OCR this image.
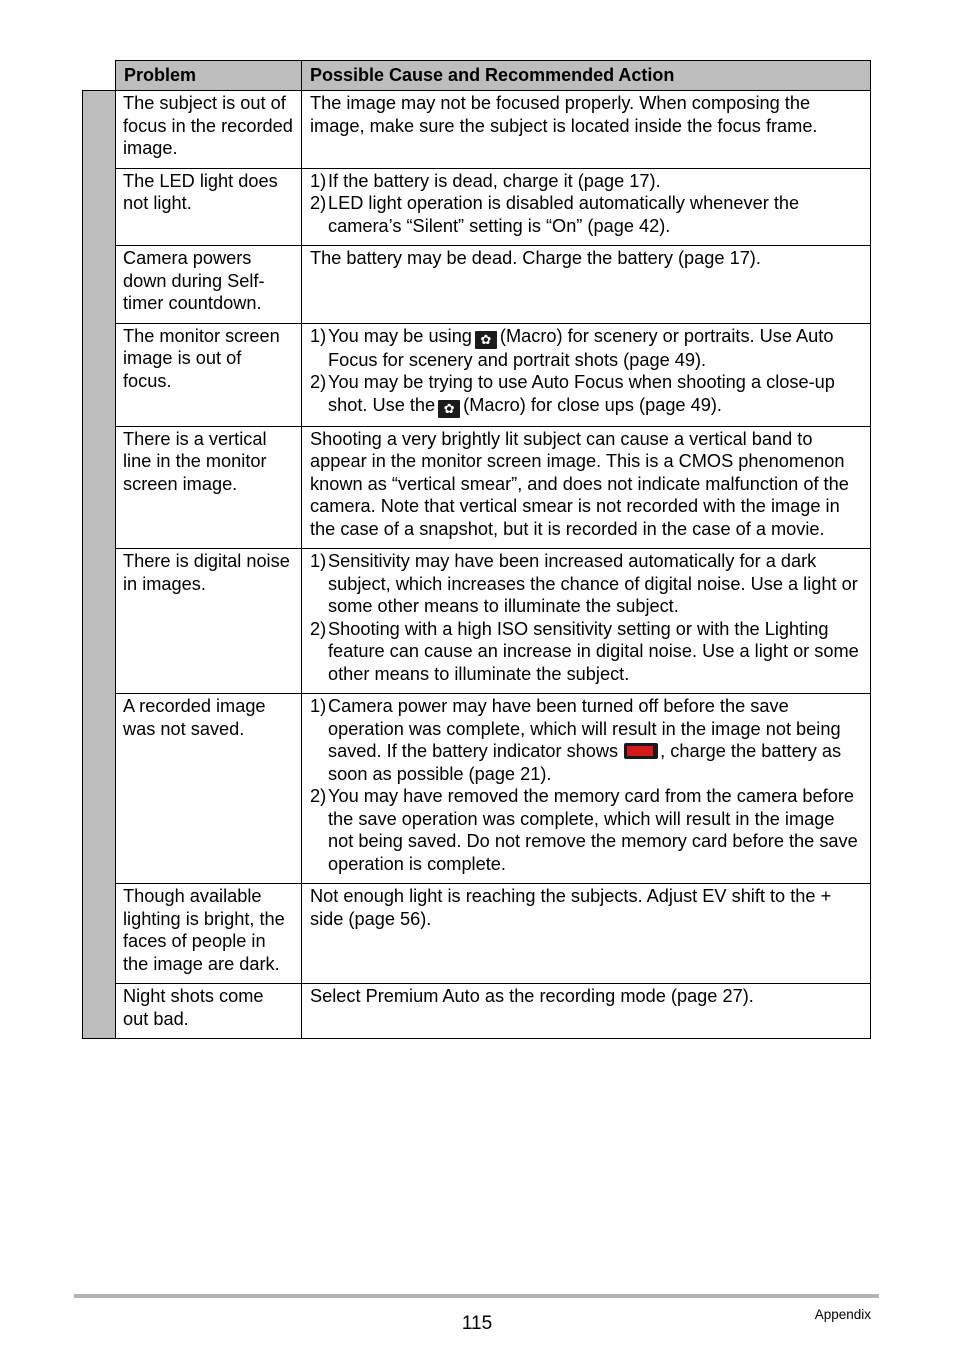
	Problem	Possible Cause and Recommended Action
	The subject is out of focus in the recorded image.	The image may not be focused properly. When composing the image, make sure the subject is located inside the focus frame.
	The LED light does not light.	1) If the battery is dead, charge it (page 17).
2) LED light operation is disabled automatically whenever the camera’s “Silent” setting is “On” (page 42).

	Camera powers down during Self-timer countdown.	The battery may be dead. Charge the battery (page 17).
	The monitor screen image is out of focus.	1) You may be using ✿ (Macro) for scenery or portraits. Use Auto Focus for scenery and portrait shots (page 49).
2) You may be trying to use Auto Focus when shooting a close-up shot. Use the ✿ (Macro) for close ups (page 49).

	There is a vertical line in the monitor screen image.	Shooting a very brightly lit subject can cause a vertical band to appear in the monitor screen image. This is a CMOS phenomenon known as “vertical smear”, and does not indicate malfunction of the camera. Note that vertical smear is not recorded with the image in the case of a snapshot, but it is recorded in the case of a movie.
	There is digital noise in images.	1) Sensitivity may have been increased automatically for a dark subject, which increases the chance of digital noise. Use a light or some other means to illuminate the subject.
2) Shooting with a high ISO sensitivity setting or with the Lighting feature can cause an increase in digital noise. Use a light or some other means to illuminate the subject.

	A recorded image was not saved.	1) Camera power may have been turned off before the save operation was complete, which will result in the image not being saved. If the battery indicator shows , charge the battery as soon as possible (page 21).
2) You may have removed the memory card from the camera before the save operation was complete, which will result in the image not being saved. Do not remove the memory card before the save operation is complete.

	Though available lighting is bright, the faces of people in the image are dark.	Not enough light is reaching the subjects. Adjust EV shift to the + side (page 56).
	Night shots come out bad.	Select Premium Auto as the recording mode (page 27).
115	Appendix
